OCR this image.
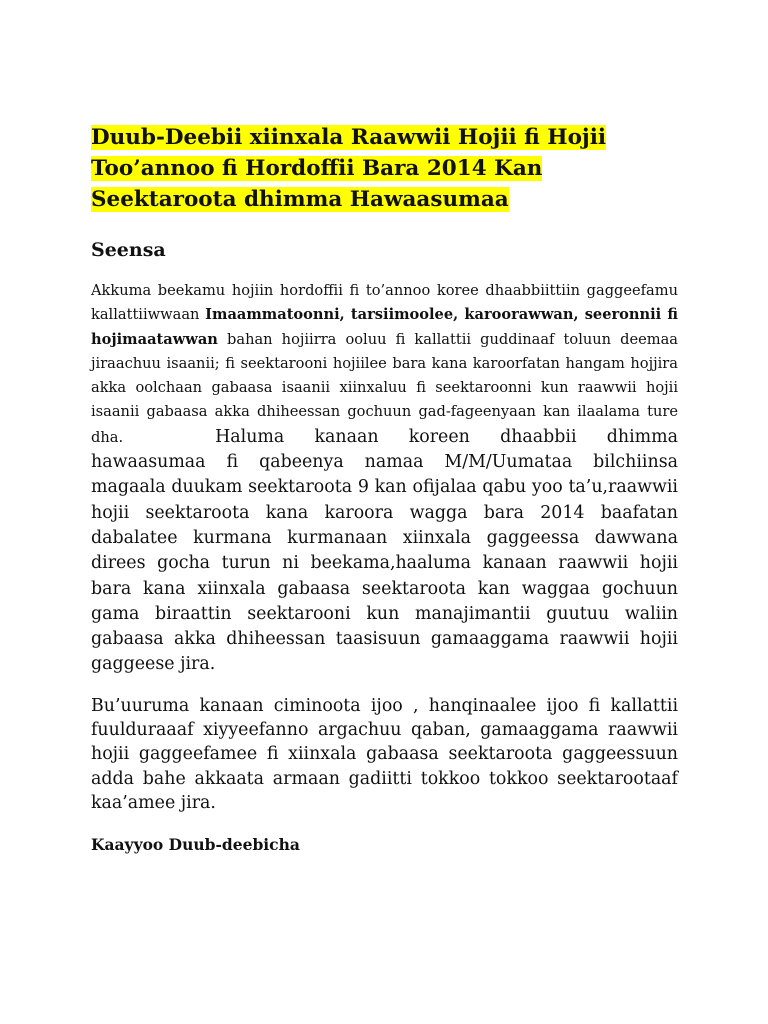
Duub-Deebii xiinxala Raawwii Hojii fi Hojii
Too’annoo fi Hordoffii Bara 2014 Kan
Seektarootа dhimma Hawaasumaa
Seensa

Akkuma beekamu hojiin hordoffii fi to’annoo koree dhaabbiittiin gaggeefamu kallattiiwwaan Imaammatoonni, tarsiimoolee, karoorawwan, seeronnii fi hojimaatawwan bahan hojiirra ooluu fi kallattii guddinaaf toluun deemaa jiraachuu isaanii; fi seektarooni hojiilee bara kana karoorfatan hangam hojjira akka oolchaan gabaasa isaanii xiinxaluu fi seektaroonni kun raawwii hojii isaanii gabaasa akka dhiheessan gochuun gad-fageenyaan kan ilaalama ture dha.	Haluma kanaan koreen dhaabbii dhimma hawaasumaa fi qabeenya namaa M/M/Uumataa bilchiinsa magaala duukam seektaroota 9 kan ofijalaa qabu yoo ta’u,raawwii hojii seektaroota kana karoora wagga bara 2014 baafatan dabalatee kurmana kurmanaan xiinxala gaggeessa dawwana direes gocha turun ni beekama,haaluma kanaan raawwii hojii bara kana xiinxala gabaasa seektaroota kan waggaa gochuun gama biraattin seektarooni kun manajimantii guutuu waliin gabaasa akka dhiheessan taasisuun gamaaggama raawwii hojii gaggeese jira.

Bu’uuruma kanaan ciminoota ijoo , hanqinaalee ijoo fi kallattii fuulduraaaf xiyyeefanno argachuu qaban, gamaaggama raawwii hojii gaggeefamee fi xiinxala gabaasa seektaroota gaggeessuun adda bahe akkaata armaan gadiitti tokkoo tokkoo seektarootaaf kaa’amee jira.

Kaayyoo Duub-deebicha
